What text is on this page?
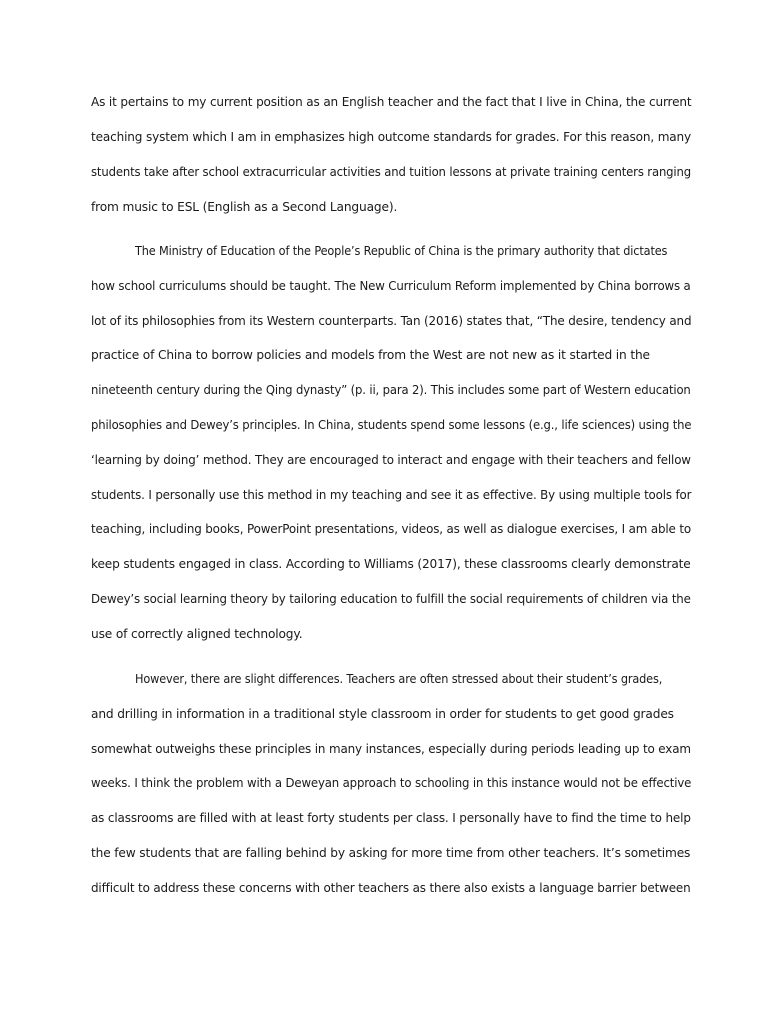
As it pertains to my current position as an English teacher and the fact that I live in China, the current
teaching system which I am in emphasizes high outcome standards for grades. For this reason, many
students take after school extracurricular activities and tuition lessons at private training centers ranging
from music to ESL (English as a Second Language).
The Ministry of Education of the People’s Republic of China is the primary authority that dictates
how school curriculums should be taught. The New Curriculum Reform implemented by China borrows a
lot of its philosophies from its Western counterparts. Tan (2016) states that, “The desire, tendency and
practice of China to borrow policies and models from the West are not new as it started in the
nineteenth century during the Qing dynasty” (p. ii, para 2). This includes some part of Western education
philosophies and Dewey’s principles. In China, students spend some lessons (e.g., life sciences) using the
‘learning by doing’ method. They are encouraged to interact and engage with their teachers and fellow
students. I personally use this method in my teaching and see it as effective. By using multiple tools for
teaching, including books, PowerPoint presentations, videos, as well as dialogue exercises, I am able to
keep students engaged in class. According to Williams (2017), these classrooms clearly demonstrate
Dewey’s social learning theory by tailoring education to fulfill the social requirements of children via the
use of correctly aligned technology.
However, there are slight differences. Teachers are often stressed about their student’s grades,
and drilling in information in a traditional style classroom in order for students to get good grades
somewhat outweighs these principles in many instances, especially during periods leading up to exam
weeks. I think the problem with a Deweyan approach to schooling in this instance would not be effective
as classrooms are filled with at least forty students per class. I personally have to find the time to help
the few students that are falling behind by asking for more time from other teachers. It’s sometimes
difficult to address these concerns with other teachers as there also exists a language barrier between
